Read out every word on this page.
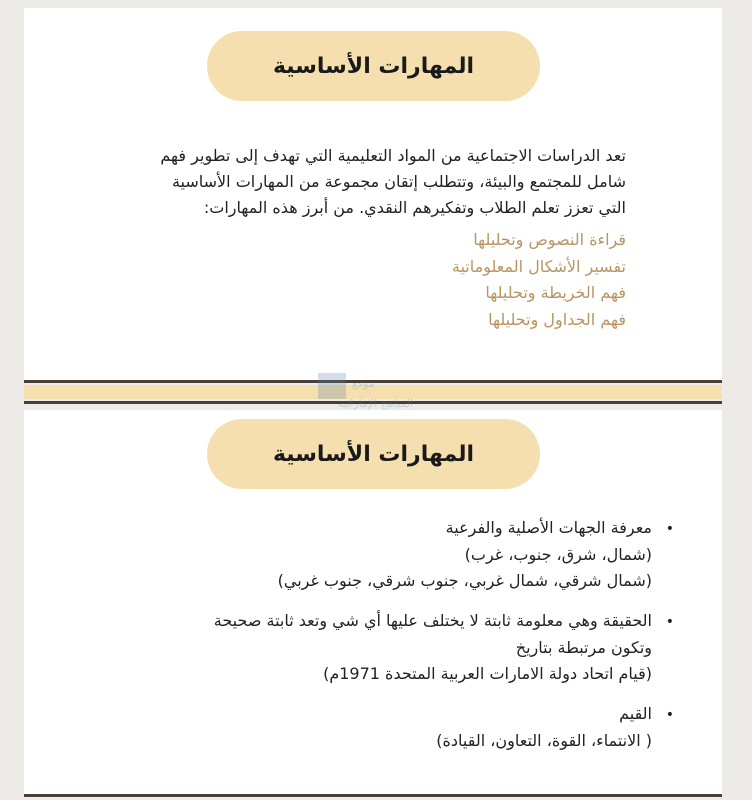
المهارات الأساسية
تعد الدراسات الاجتماعية من المواد التعليمية التي تهدف إلى تطوير فهم
شامل للمجتمع والبيئة، وتتطلب إتقان مجموعة من المهارات الأساسية
التي تعزز تعلم الطلاب وتفكيرهم النقدي. من أبرز هذه المهارات:
قراءة النصوص وتحليلها
تفسير الأشكال المعلوماتية
فهم الخريطة وتحليلها
فهم الجداول وتحليلها
موقع
المناهج الإماراتية
المهارات الأساسية
•
معرفة الجهات الأصلية والفرعية
(شمال، شرق، جنوب، غرب)
(شمال شرقي، شمال غربي، جنوب شرقي، جنوب غربي)
•
الحقيقة وهي معلومة ثابتة لا يختلف عليها أي شي وتعد ثابتة صحيحة
وتكون مرتبطة بتاريخ
(قيام اتحاد دولة الامارات العربية المتحدة 1971م)
•
القيم
( الانتماء، القوة، التعاون، القيادة)
